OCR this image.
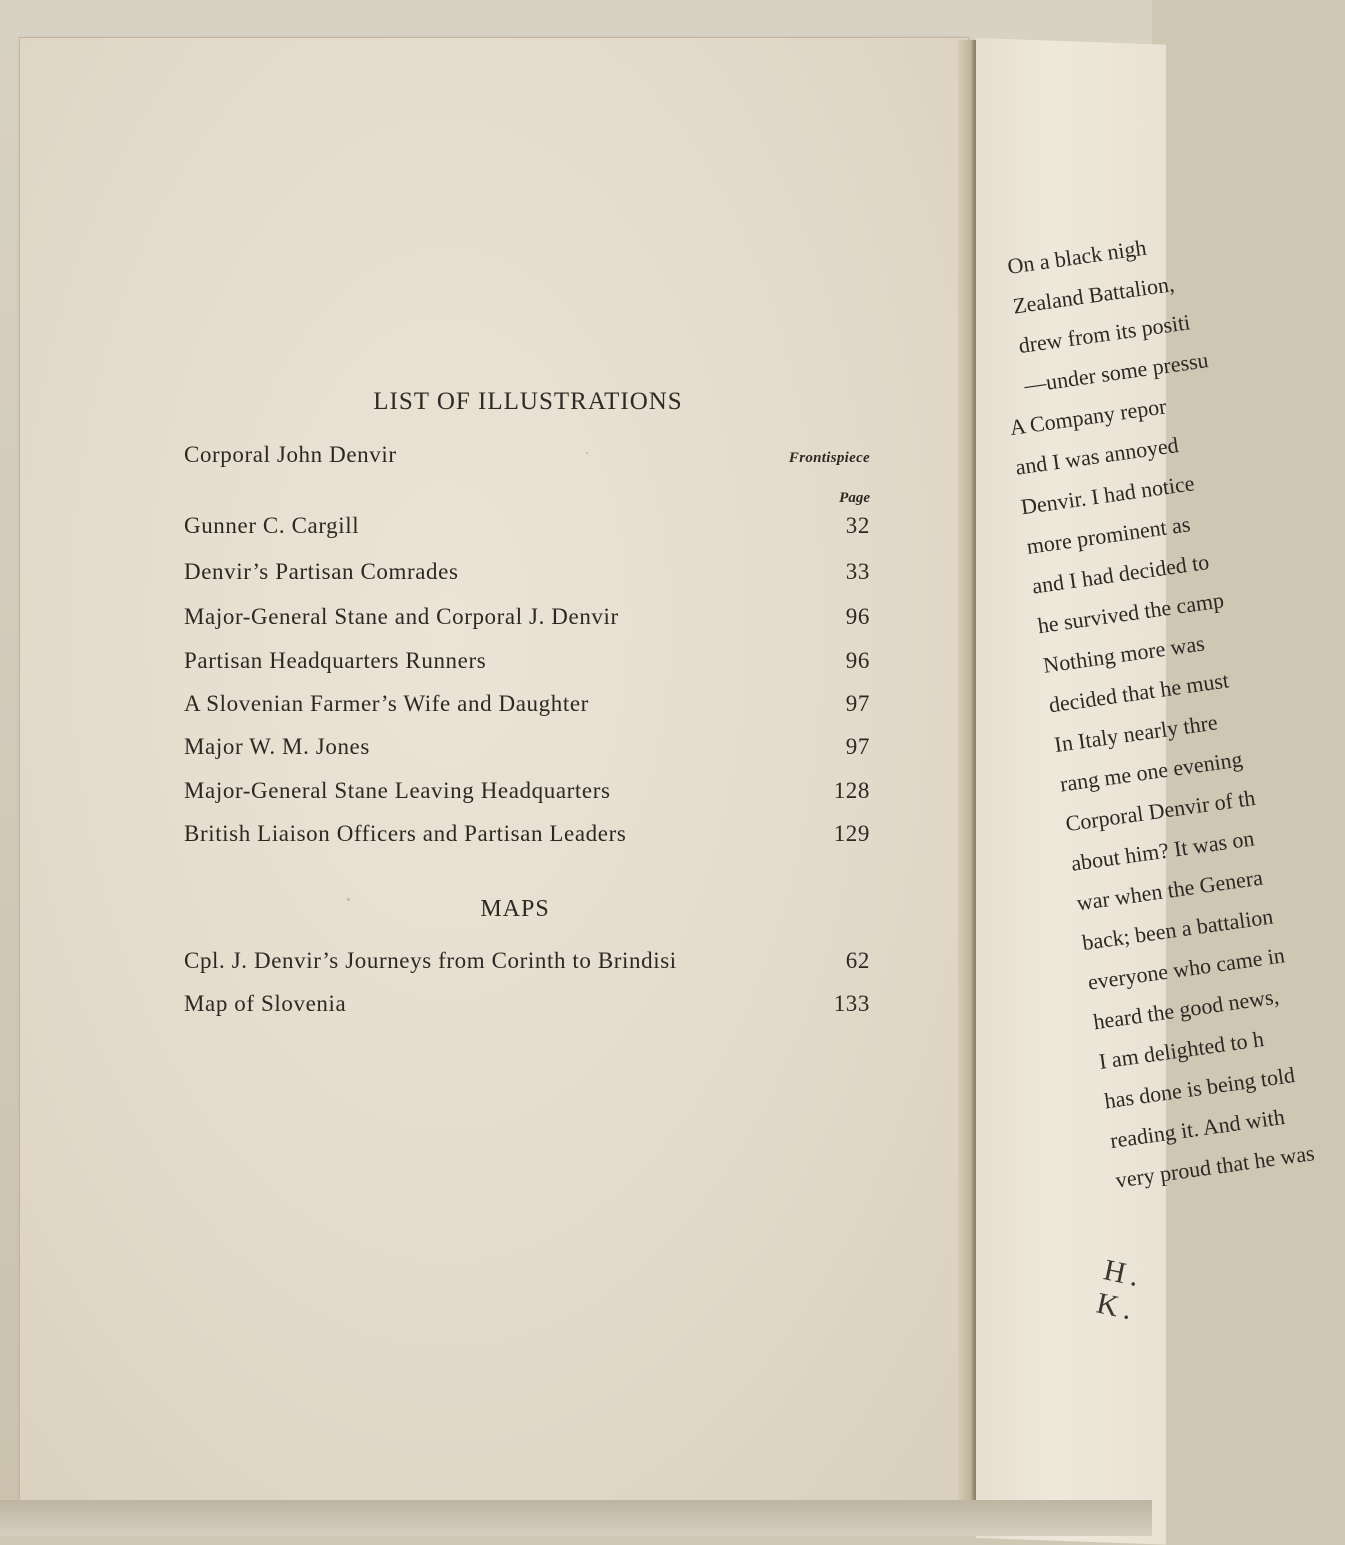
LIST OF ILLUSTRATIONS
Corporal John Denvir	Frontispiece
Gunner C. Cargill	32
Denvir’s Partisan Comrades	33
Major-General Stane and Corporal J. Denvir	96
Partisan Headquarters Runners	96
A Slovenian Farmer’s Wife and Daughter	97
Major W. M. Jones	97
Major-General Stane Leaving Headquarters	128
British Liaison Officers and Partisan Leaders	129
Page
MAPS
Cpl. J. Denvir’s Journeys from Corinth to Brindisi	62
Map of Slovenia	133
On a black nigh
Zealand Battalion,
drew from its positi
—under some pressu
A Company repor
and I was annoyed
Denvir. I had notice
more prominent as
and I had decided to
he survived the camp
Nothing more was
decided that he must
In Italy nearly thre
rang me one evening
Corporal Denvir of th
about him? It was on
war when the Genera
back; been a battalion
everyone who came in
heard the good news,
I am delighted to h
has done is being told
reading it. And with
very proud that he was
H. K.
